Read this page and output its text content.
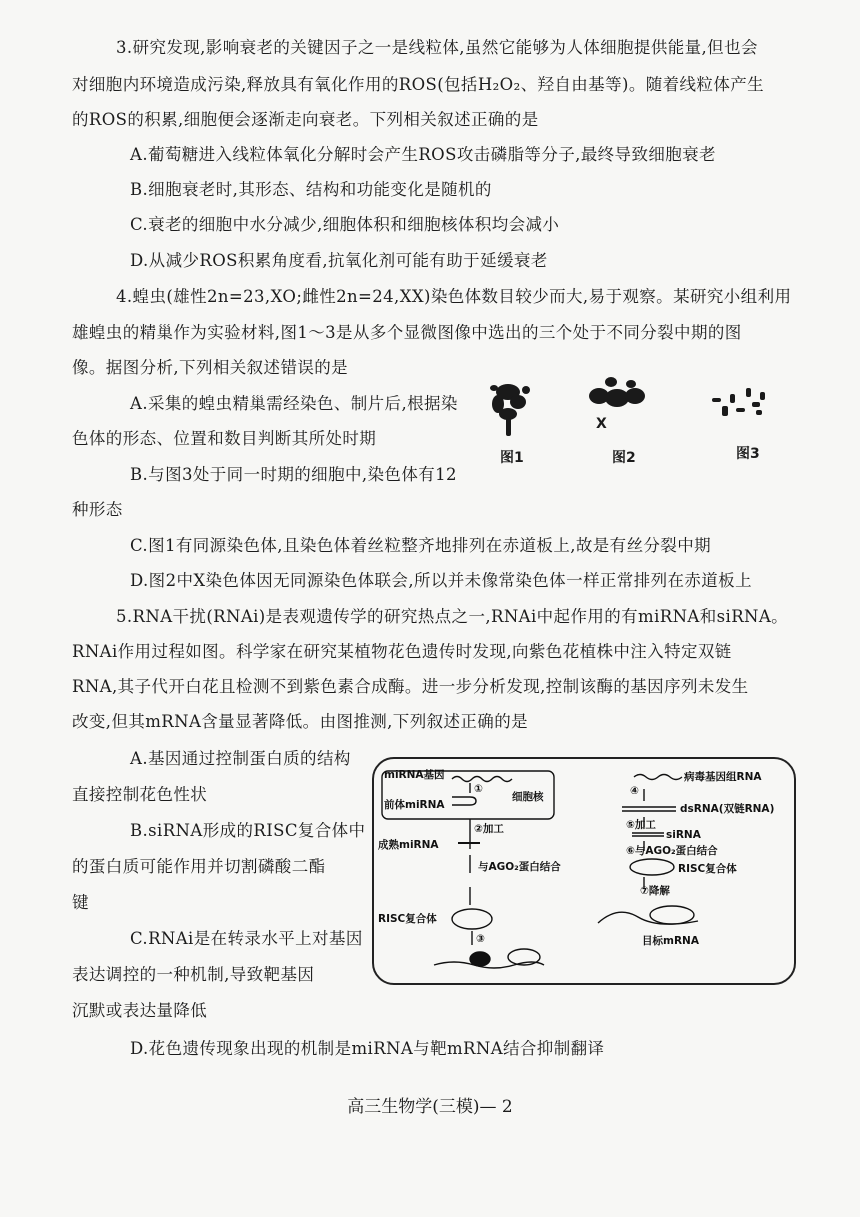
3.研究发现,影响衰老的关键因子之一是线粒体,虽然它能够为人体细胞提供能量,但也会
对细胞内环境造成污染,释放具有氧化作用的ROS(包括H₂O₂、羟自由基等)。随着线粒体产生
的ROS的积累,细胞便会逐渐走向衰老。下列相关叙述正确的是
A.葡萄糖进入线粒体氧化分解时会产生ROS攻击磷脂等分子,最终导致细胞衰老
B.细胞衰老时,其形态、结构和功能变化是随机的
C.衰老的细胞中水分减少,细胞体积和细胞核体积均会减小
D.从减少ROS积累角度看,抗氧化剂可能有助于延缓衰老
4.蝗虫(雄性2n=23,XO;雌性2n=24,XX)染色体数目较少而大,易于观察。某研究小组利用
雄蝗虫的精巢作为实验材料,图1～3是从多个显微图像中选出的三个处于不同分裂中期的图
像。据图分析,下列相关叙述错误的是
A.采集的蝗虫精巢需经染色、制片后,根据染
色体的形态、位置和数目判断其所处时期
B.与图3处于同一时期的细胞中,染色体有12
种形态
C.图1有同源染色体,且染色体着丝粒整齐地排列在赤道板上,故是有丝分裂中期
D.图2中X染色体因无同源染色体联会,所以并未像常染色体一样正常排列在赤道板上
X
图1	图2	图3
5.RNA干扰(RNAi)是表观遗传学的研究热点之一,RNAi中起作用的有miRNA和siRNA。
RNAi作用过程如图。科学家在研究某植物花色遗传时发现,向紫色花植株中注入特定双链
RNA,其子代开白花且检测不到紫色素合成酶。进一步分析发现,控制该酶的基因序列未发生
改变,但其mRNA含量显著降低。由图推测,下列叙述正确的是
A.基因通过控制蛋白质的结构
直接控制花色性状
B.siRNA形成的RISC复合体中
的蛋白质可能作用并切割磷酸二酯
键
C.RNAi是在转录水平上对基因
表达调控的一种机制,导致靶基因
沉默或表达量降低
D.花色遗传现象出现的机制是miRNA与靶mRNA结合抑制翻译
miRNA基因
①
前体miRNA
细胞核
②加工
成熟miRNA
与AGO₂蛋白结合
RISC复合体
③
④
病毒基因组RNA
dsRNA(双链RNA)
⑤加工
siRNA
⑥与AGO₂蛋白结合
RISC复合体
⑦降解
目标mRNA
高三生物学(三模)— 2
